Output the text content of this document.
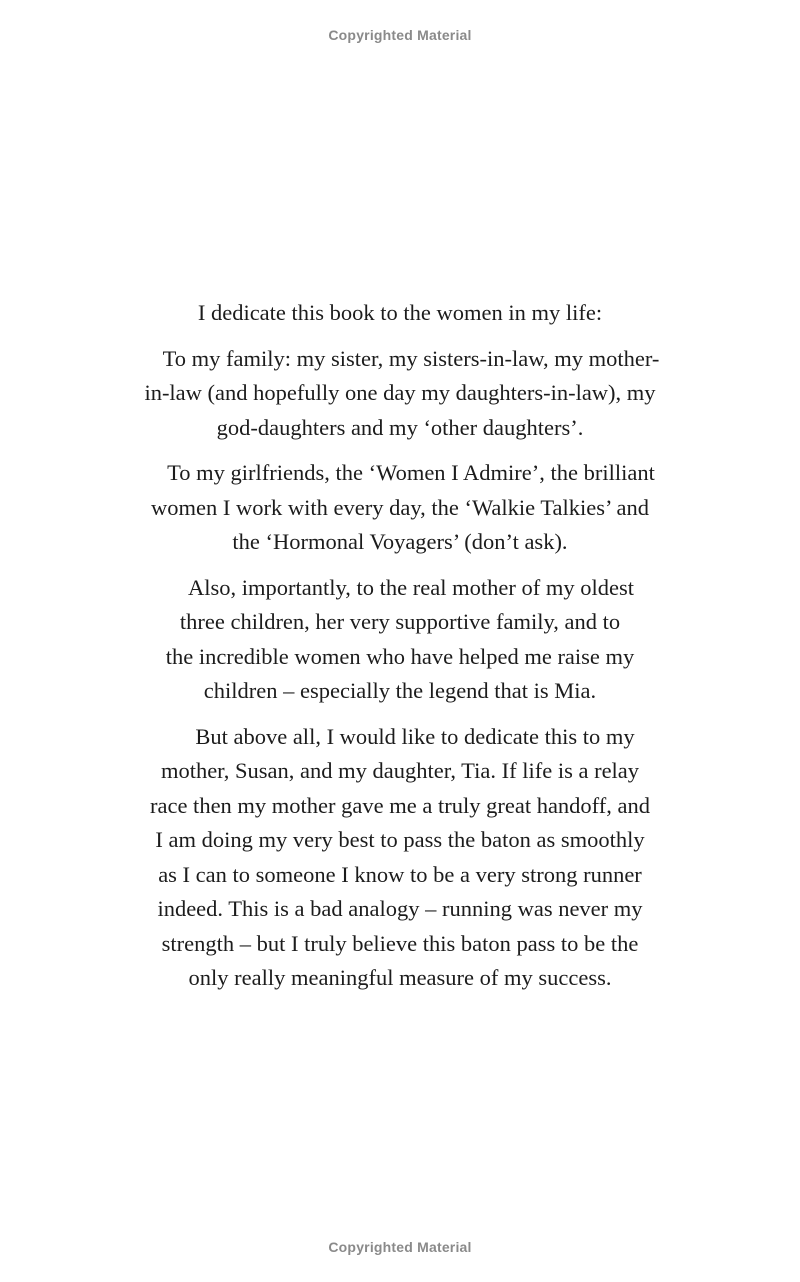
Copyrighted Material

I dedicate this book to the women in my life:

To my family: my sister, my sisters-in-law, my mother-
in-law (and hopefully one day my daughters-in-law), my
god-daughters and my ‘other daughters’.

To my girlfriends, the ‘Women I Admire’, the brilliant
women I work with every day, the ‘Walkie Talkies’ and
the ‘Hormonal Voyagers’ (don’t ask).

Also, importantly, to the real mother of my oldest
three children, her very supportive family, and to
the incredible women who have helped me raise my
children – especially the legend that is Mia.

But above all, I would like to dedicate this to my
mother, Susan, and my daughter, Tia. If life is a relay
race then my mother gave me a truly great handoff, and
I am doing my very best to pass the baton as smoothly
as I can to someone I know to be a very strong runner
indeed. This is a bad analogy – running was never my
strength – but I truly believe this baton pass to be the
only really meaningful measure of my success.

Copyrighted Material
